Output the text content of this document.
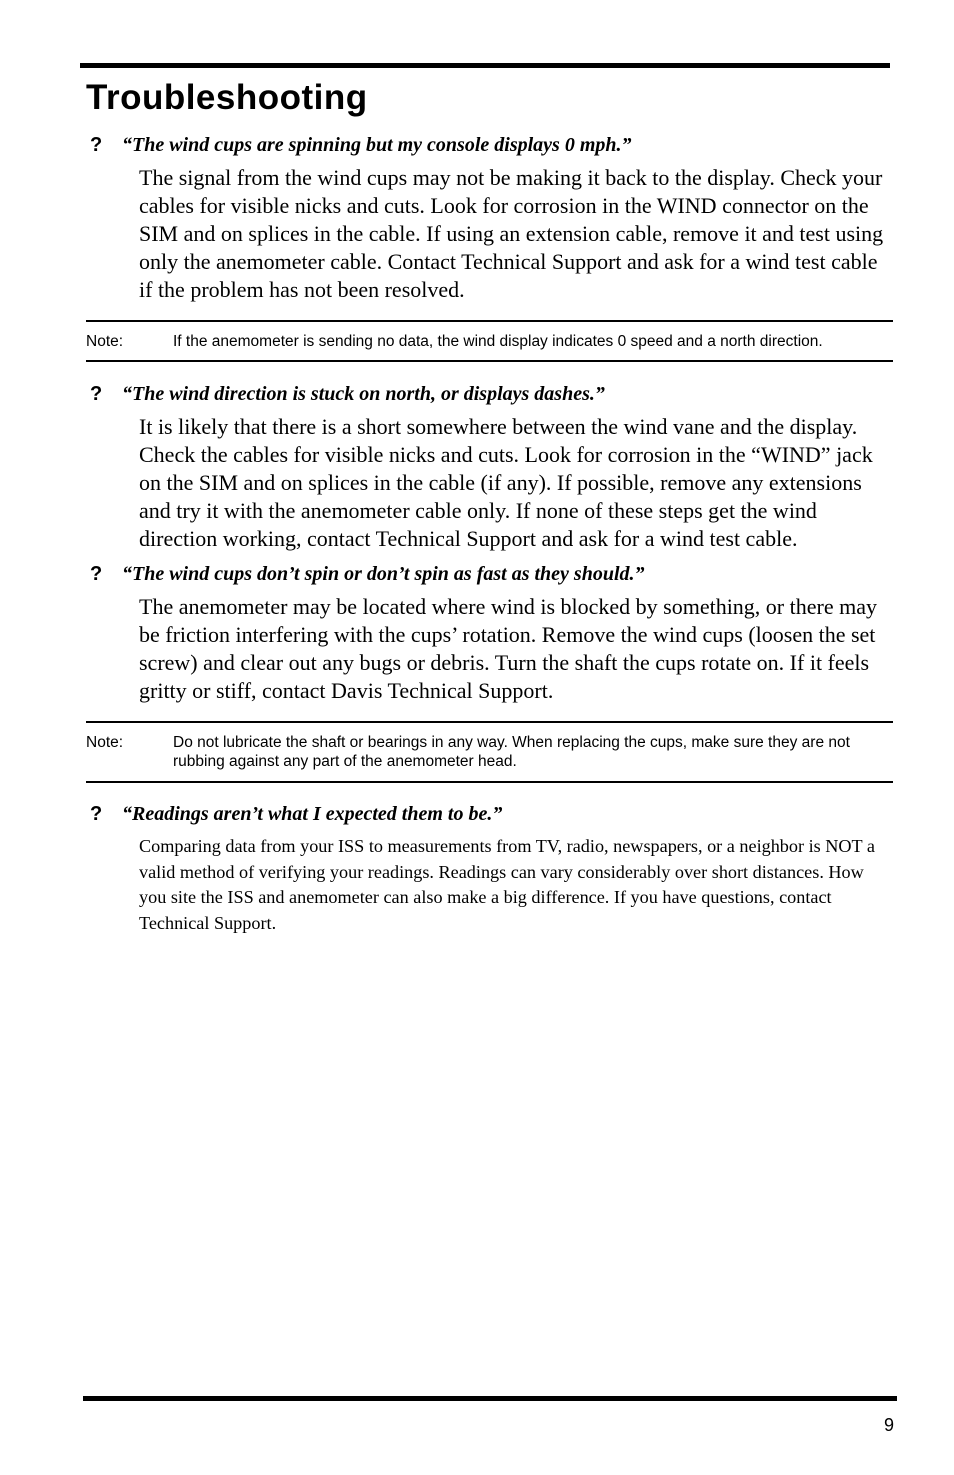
Troubleshooting
? “The wind cups are spinning but my console displays 0 mph.”

The signal from the wind cups may not be making it back to the display. Check your cables for visible nicks and cuts. Look for corrosion in the WIND connector on the SIM and on splices in the cable. If using an extension cable, remove it and test using only the anemometer cable. Contact Technical Support and ask for a wind test cable if the problem has not been resolved.

Note:	If the anemometer is sending no data, the wind display indicates 0 speed and a north direction.
? “The wind direction is stuck on north, or displays dashes.”

It is likely that there is a short somewhere between the wind vane and the display. Check the cables for visible nicks and cuts. Look for corrosion in the “WIND” jack on the SIM and on splices in the cable (if any). If possible, remove any extensions and try it with the anemometer cable only. If none of these steps get the wind direction working, contact Technical Support and ask for a wind test cable.

? “The wind cups don’t spin or don’t spin as fast as they should.”

The anemometer may be located where wind is blocked by something, or there may be friction interfering with the cups’ rotation. Remove the wind cups (loosen the set screw) and clear out any bugs or debris. Turn the shaft the cups rotate on. If it feels gritty or stiff, contact Davis Technical Support.

Note:	Do not lubricate the shaft or bearings in any way. When replacing the cups, make sure they are not rubbing against any part of the anemometer head.
? “Readings aren’t what I expected them to be.”

Comparing data from your ISS to measurements from TV, radio, newspapers, or a neighbor is NOT a valid method of verifying your readings. Readings can vary considerably over short distances. How you site the ISS and anemometer can also make a big difference. If you have questions, contact Technical Support.

9
